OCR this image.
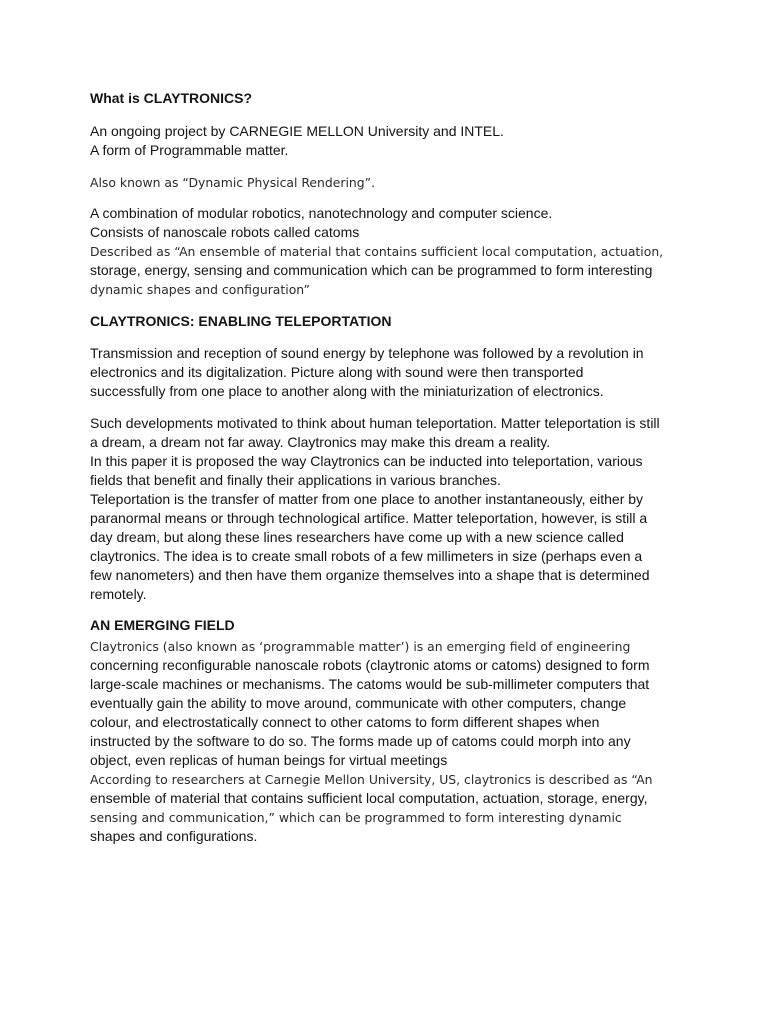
What is CLAYTRONICS?

An ongoing project by CARNEGIE MELLON University and INTEL.

A form of Programmable matter.

Also known as “Dynamic Physical Rendering”.

A combination of modular robotics, nanotechnology and computer science.

Consists of nanoscale robots called catoms

Described as “An ensemble of material that contains sufficient local computation, actuation,

storage, energy, sensing and communication which can be programmed to form interesting

dynamic shapes and configuration”

CLAYTRONICS: ENABLING TELEPORTATION

Transmission and reception of sound energy by telephone was followed by a revolution in

electronics and its digitalization. Picture along with sound were then transported

successfully from one place to another along with the miniaturization of electronics.

Such developments motivated to think about human teleportation. Matter teleportation is still

a dream, a dream not far away. Claytronics may make this dream a reality.

In this paper it is proposed the way Claytronics can be inducted into teleportation, various

fields that benefit and finally their applications in various branches.

Teleportation is the transfer of matter from one place to another instantaneously, either by

paranormal means or through technological artifice. Matter teleportation, however, is still a

day dream, but along these lines researchers have come up with a new science called

claytronics. The idea is to create small robots of a few millimeters in size (perhaps even a

few nanometers) and then have them organize themselves into a shape that is determined

remotely.

AN EMERGING FIELD

Claytronics (also known as ‘programmable matter’) is an emerging field of engineering

concerning reconfigurable nanoscale robots (claytronic atoms or catoms) designed to form

large-scale machines or mechanisms. The catoms would be sub-millimeter computers that

eventually gain the ability to move around, communicate with other computers, change

colour, and electrostatically connect to other catoms to form different shapes when

instructed by the software to do so. The forms made up of catoms could morph into any

object, even replicas of human beings for virtual meetings

According to researchers at Carnegie Mellon University, US, claytronics is described as “An

ensemble of material that contains sufficient local computation, actuation, storage, energy,

sensing and communication,” which can be programmed to form interesting dynamic

shapes and configurations.
